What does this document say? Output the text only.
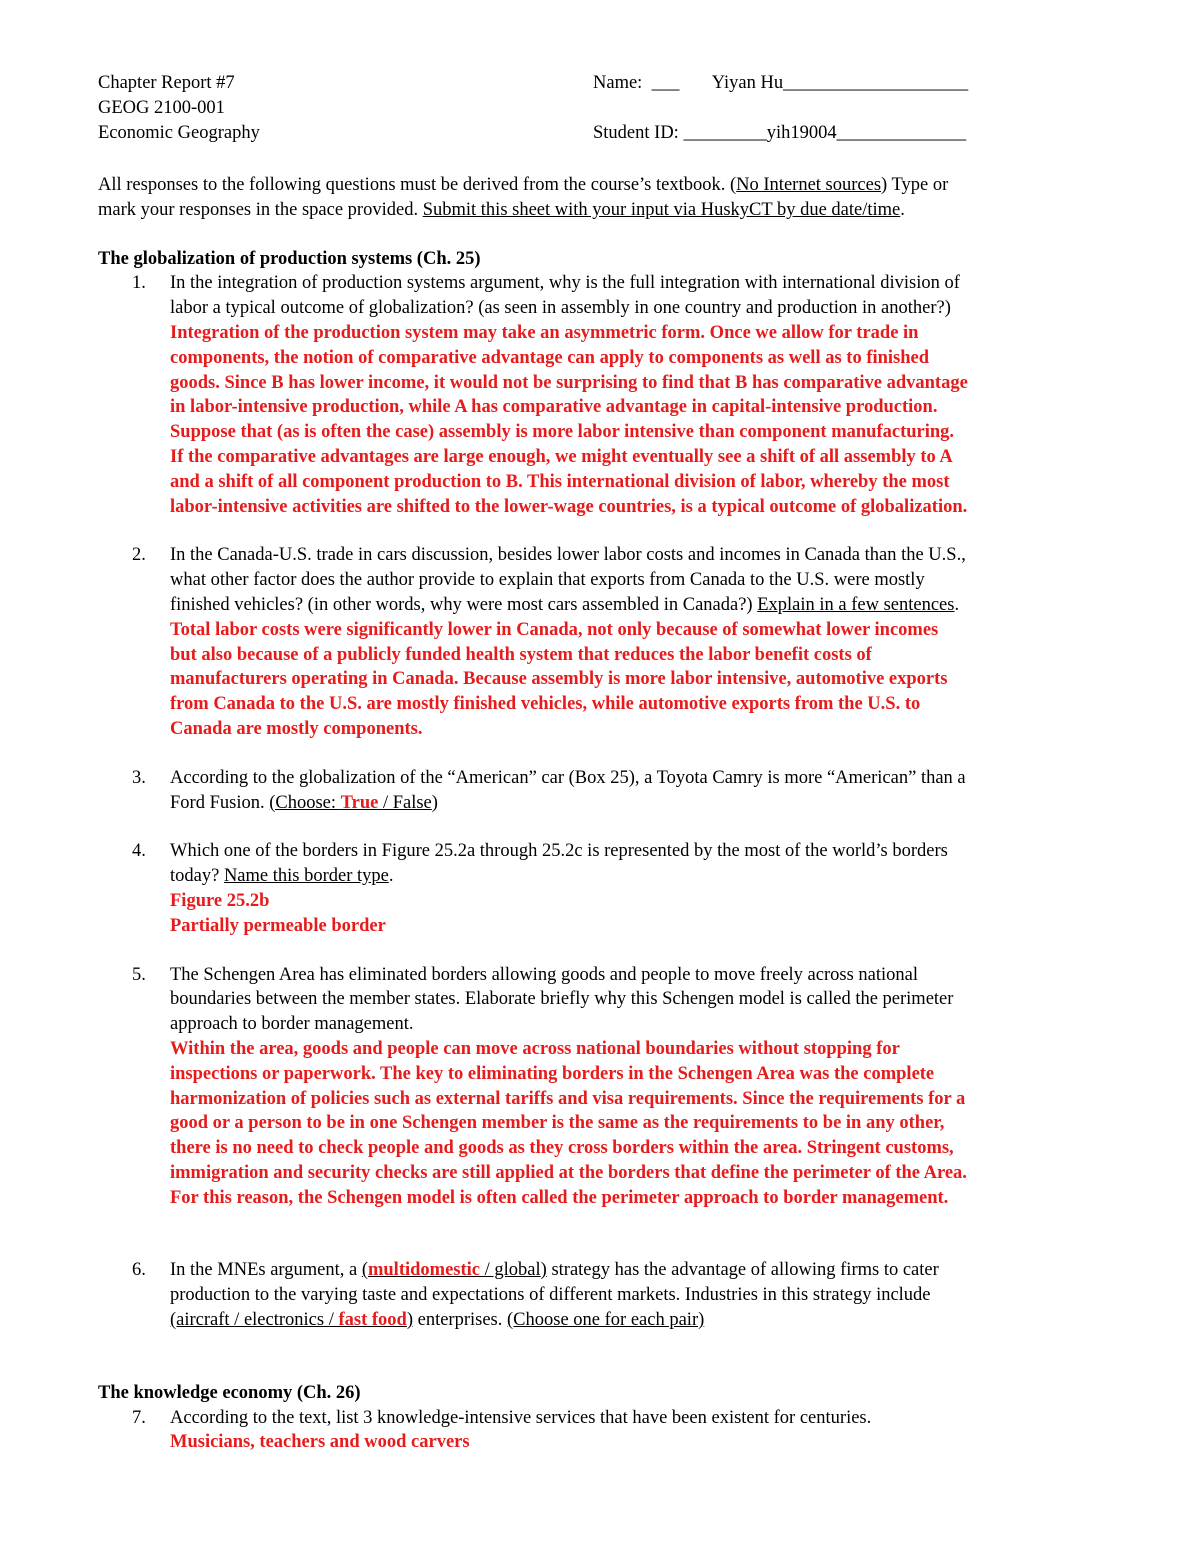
Chapter Report #7
GEOG 2100-001
Economic Geography
Name: ___ Yiyan Hu____________________

Student ID: _________yih19004______________
All responses to the following questions must be derived from the course’s textbook. (No Internet sources) Type or
mark your responses in the space provided. Submit this sheet with your input via HuskyCT by due date/time.
The globalization of production systems (Ch. 25)
1. In the integration of production systems argument, why is the full integration with international division of
labor a typical outcome of globalization? (as seen in assembly in one country and production in another?)
Integration of the production system may take an asymmetric form. Once we allow for trade in
components, the notion of comparative advantage can apply to components as well as to finished
goods. Since B has lower income, it would not be surprising to find that B has comparative advantage
in labor-intensive production, while A has comparative advantage in capital-intensive production.
Suppose that (as is often the case) assembly is more labor intensive than component manufacturing.
If the comparative advantages are large enough, we might eventually see a shift of all assembly to A
and a shift of all component production to B. This international division of labor, whereby the most
labor-intensive activities are shifted to the lower-wage countries, is a typical outcome of globalization.
2. In the Canada-U.S. trade in cars discussion, besides lower labor costs and incomes in Canada than the U.S.,
what other factor does the author provide to explain that exports from Canada to the U.S. were mostly
finished vehicles? (in other words, why were most cars assembled in Canada?) Explain in a few sentences.
Total labor costs were significantly lower in Canada, not only because of somewhat lower incomes
but also because of a publicly funded health system that reduces the labor benefit costs of
manufacturers operating in Canada. Because assembly is more labor intensive, automotive exports
from Canada to the U.S. are mostly finished vehicles, while automotive exports from the U.S. to
Canada are mostly components.
3. According to the globalization of the “American” car (Box 25), a Toyota Camry is more “American” than a
Ford Fusion. (Choose: True / False)
4. Which one of the borders in Figure 25.2a through 25.2c is represented by the most of the world’s borders
today? Name this border type.
Figure 25.2b
Partially permeable border
5. The Schengen Area has eliminated borders allowing goods and people to move freely across national
boundaries between the member states. Elaborate briefly why this Schengen model is called the perimeter
approach to border management.
Within the area, goods and people can move across national boundaries without stopping for
inspections or paperwork. The key to eliminating borders in the Schengen Area was the complete
harmonization of policies such as external tariffs and visa requirements. Since the requirements for a
good or a person to be in one Schengen member is the same as the requirements to be in any other,
there is no need to check people and goods as they cross borders within the area. Stringent customs,
immigration and security checks are still applied at the borders that define the perimeter of the Area.
For this reason, the Schengen model is often called the perimeter approach to border management.
6. In the MNEs argument, a (multidomestic / global) strategy has the advantage of allowing firms to cater
production to the varying taste and expectations of different markets. Industries in this strategy include
(aircraft / electronics / fast food) enterprises. (Choose one for each pair)
The knowledge economy (Ch. 26)
7. According to the text, list 3 knowledge-intensive services that have been existent for centuries.
Musicians, teachers and wood carvers
